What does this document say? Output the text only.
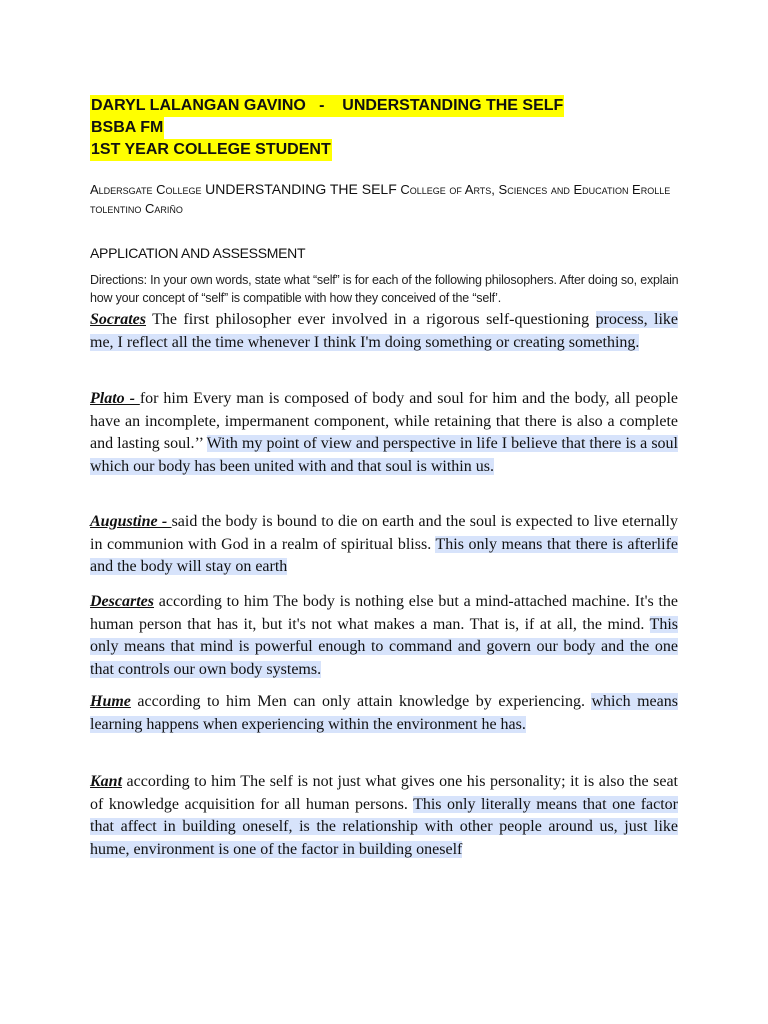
DARYL LALANGAN GAVINO   -    UNDERSTANDING THE SELF
BSBA FM
1ST YEAR COLLEGE STUDENT
Aldersgate College UNDERSTANDING THE SELF College of Arts, Sciences and Education Erolle tolentino Cariño
APPLICATION AND ASSESSMENT
Directions: In your own words, state what “self” is for each of the following philosophers. After doing so, explain how your concept of “self” is compatible with how they conceived of the “self’.

Socrates The first philosopher ever involved in a rigorous self-questioning process, like me, I reflect all the time whenever I think I'm doing something or creating something.

Plato - for him Every man is composed of body and soul for him and the body, all people have an incomplete, impermanent component, while retaining that there is also a complete and lasting soul.’’ With my point of view and perspective in life I believe that there is a soul which our body has been united with and that soul is within us.

Augustine - said the body is bound to die on earth and the soul is expected to live eternally in communion with God in a realm of spiritual bliss. This only means that there is afterlife and the body will stay on earth

Descartes according to him The body is nothing else but a mind-attached machine. It's the human person that has it, but it's not what makes a man. That is, if at all, the mind. This only means that mind is powerful enough to command and govern our body and the one that controls our own body systems.

Hume according to him Men can only attain knowledge by experiencing. which means learning happens when experiencing within the environment he has.

Kant according to him The self is not just what gives one his personality; it is also the seat of knowledge acquisition for all human persons. This only literally means that one factor that affect in building oneself, is the relationship with other people around us, just like hume, environment is one of the factor in building oneself
